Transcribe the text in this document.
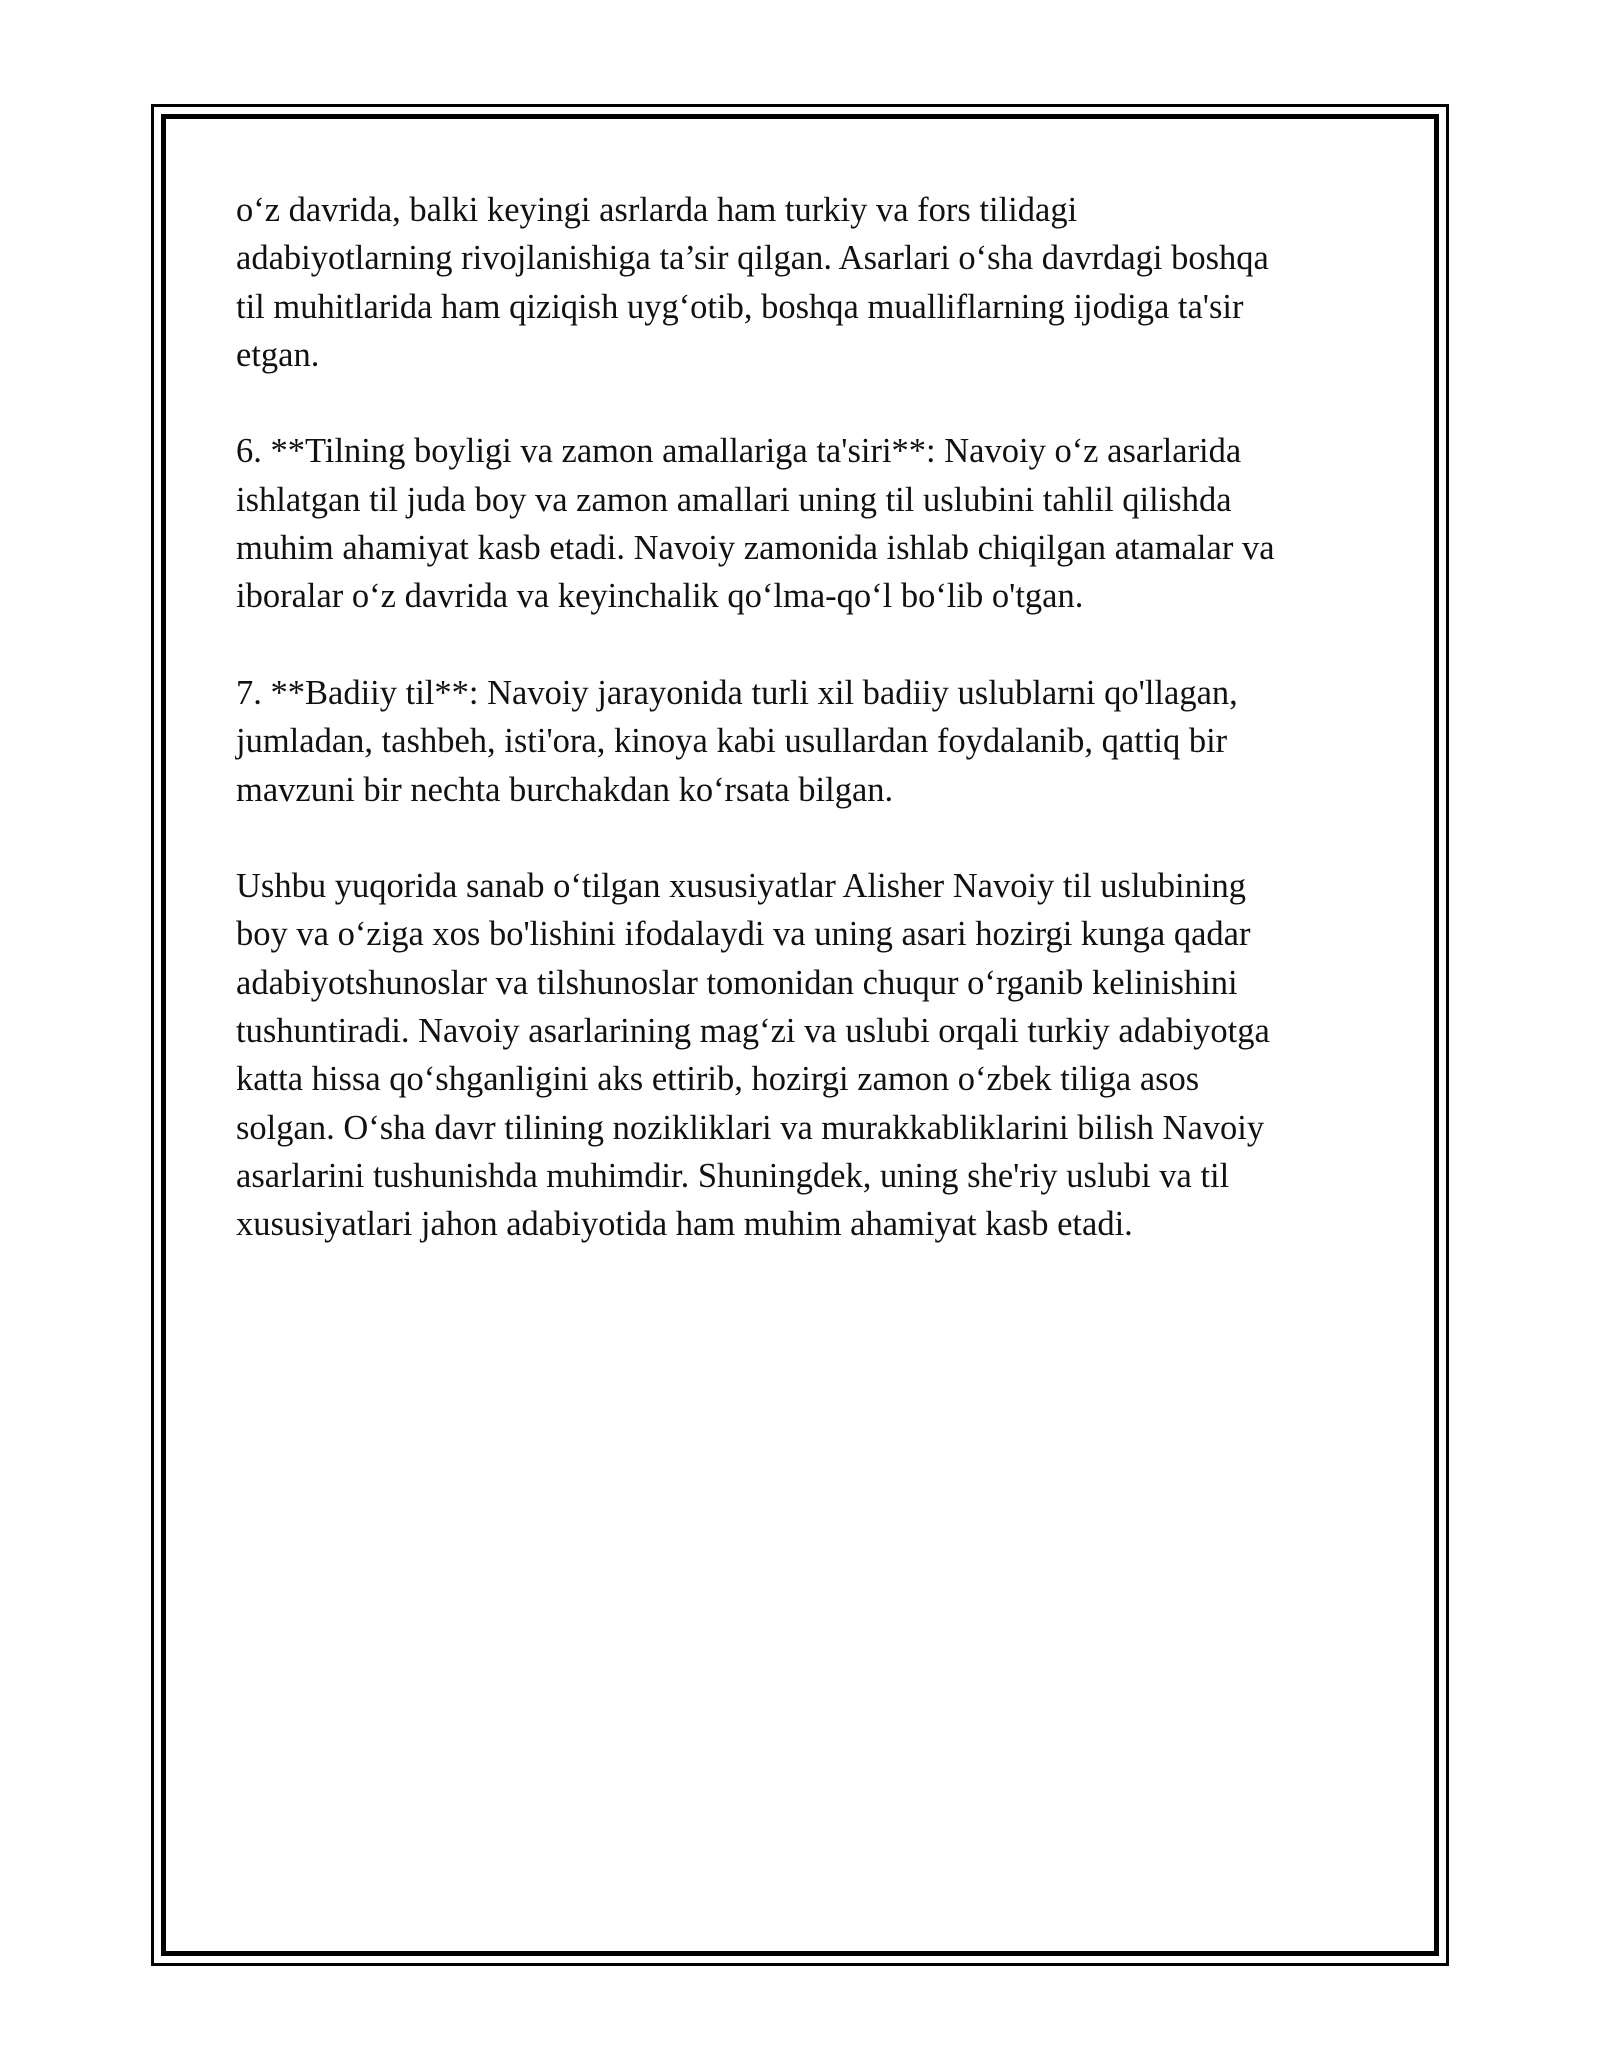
o‘z davrida, balki keyingi asrlarda ham turkiy va fors tilidagi
adabiyotlarning rivojlanishiga ta’sir qilgan. Asarlari o‘sha davrdagi boshqa
til muhitlarida ham qiziqish uyg‘otib, boshqa mualliflarning ijodiga ta'sir
etgan.

6. **Tilning boyligi va zamon amallariga ta'siri**: Navoiy o‘z asarlarida
ishlatgan til juda boy va zamon amallari uning til uslubini tahlil qilishda
muhim ahamiyat kasb etadi. Navoiy zamonida ishlab chiqilgan atamalar va
iboralar o‘z davrida va keyinchalik qo‘lma-qo‘l bo‘lib o'tgan.

7. **Badiiy til**: Navoiy jarayonida turli xil badiiy uslublarni qo'llagan,
jumladan, tashbeh, isti'ora, kinoya kabi usullardan foydalanib, qattiq bir
mavzuni bir nechta burchakdan ko‘rsata bilgan.

Ushbu yuqorida sanab o‘tilgan xususiyatlar Alisher Navoiy til uslubining
boy va o‘ziga xos bo'lishini ifodalaydi va uning asari hozirgi kunga qadar
adabiyotshunoslar va tilshunoslar tomonidan chuqur o‘rganib kelinishini
tushuntiradi. Navoiy asarlarining mag‘zi va uslubi orqali turkiy adabiyotga
katta hissa qo‘shganligini aks ettirib, hozirgi zamon o‘zbek tiliga asos
solgan. O‘sha davr tilining nozikliklari va murakkabliklarini bilish Navoiy
asarlarini tushunishda muhimdir. Shuningdek, uning she'riy uslubi va til
xususiyatlari jahon adabiyotida ham muhim ahamiyat kasb etadi.
